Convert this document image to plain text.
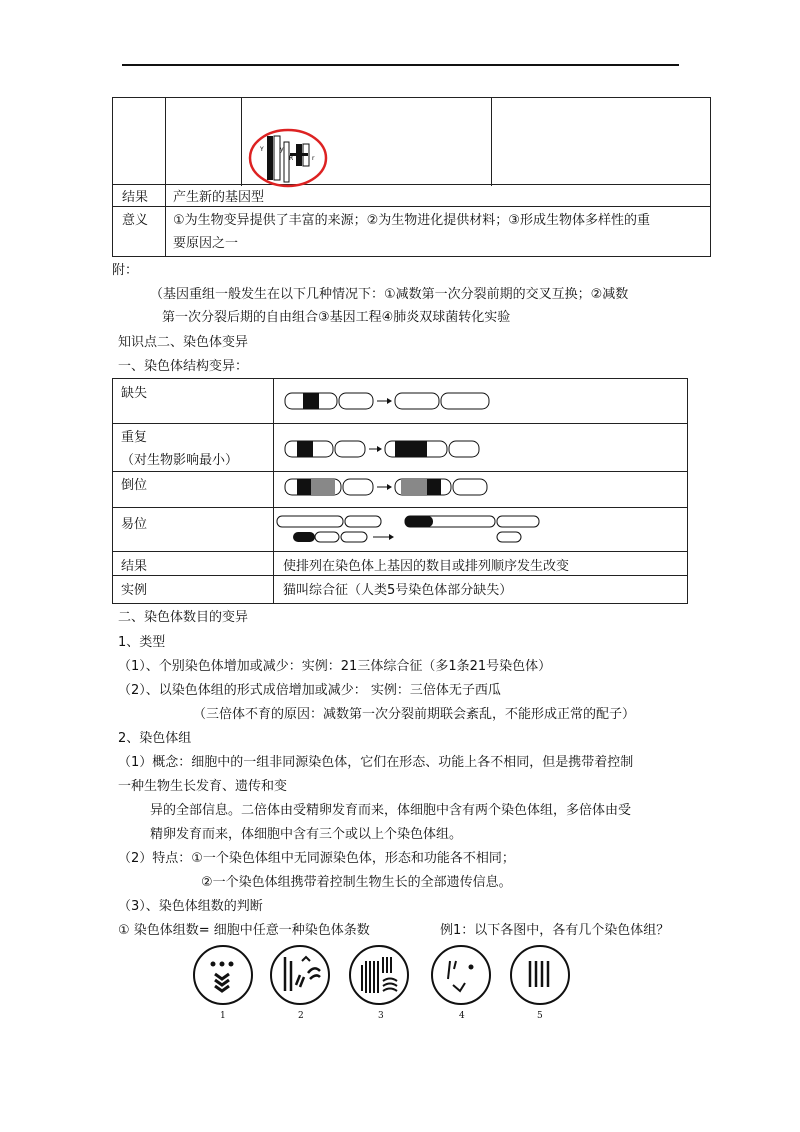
Y	y
R	r
结果 产生新的基因型
意义 ①为生物变异提供了丰富的来源；②为生物进化提供材料；③形成生物体多样性的重
要原因之一
附：
（基因重组一般发生在以下几种情况下：①减数第一次分裂前期的交叉互换；②减数
第一次分裂后期的自由组合③基因工程④肺炎双球菌转化实验
知识点二、染色体变异
一、染色体结构变异：
缺失
重复
（对生物影响最小）
倒位
易位
结果	使排列在染色体上基因的数目或排列顺序发生改变
实例	猫叫综合征（人类5号染色体部分缺失）
二、染色体数目的变异
1、类型
（1）、个别染色体增加或减少：实例：21三体综合征（多1条21号染色体）
（2）、以染色体组的形式成倍增加或减少： 实例：三倍体无子西瓜
（三倍体不育的原因：减数第一次分裂前期联会紊乱，不能形成正常的配子）
2、染色体组
（1）概念：细胞中的一组非同源染色体，它们在形态、功能上各不相同，但是携带着控制
一种生物生长发育、遗传和变
异的全部信息。二倍体由受精卵发育而来，体细胞中含有两个染色体组，多倍体由受
精卵发育而来，体细胞中含有三个或以上个染色体组。
（2）特点：①一个染色体组中无同源染色体，形态和功能各不相同；
②一个染色体组携带着控制生物生长的全部遗传信息。
（3）、染色体组数的判断
① 染色体组数= 细胞中任意一种染色体条数	例1：以下各图中，各有几个染色体组？
1	2	3	4	5
